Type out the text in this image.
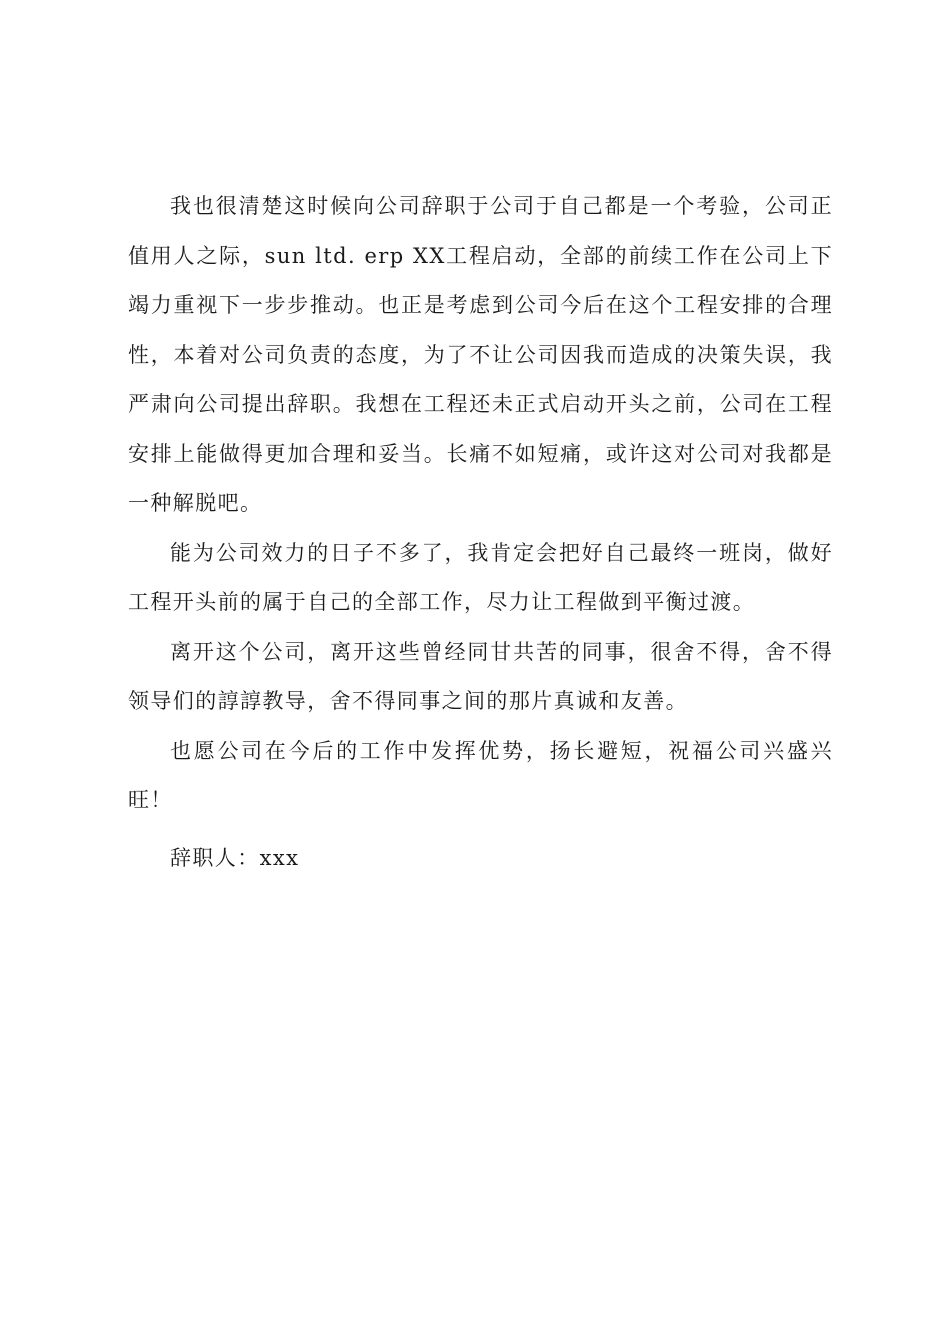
我也很清楚这时候向公司辞职于公司于自己都是一个考验，公司正值用人之际，sun ltd. erp XX工程启动，全部的前续工作在公司上下竭力重视下一步步推动。也正是考虑到公司今后在这个工程安排的合理性，本着对公司负责的态度，为了不让公司因我而造成的决策失误，我严肃向公司提出辞职。我想在工程还未正式启动开头之前，公司在工程安排上能做得更加合理和妥当。长痛不如短痛，或许这对公司对我都是一种解脱吧。

能为公司效力的日子不多了，我肯定会把好自己最终一班岗，做好工程开头前的属于自己的全部工作，尽力让工程做到平衡过渡。

离开这个公司，离开这些曾经同甘共苦的同事，很舍不得，舍不得领导们的諄諄教导，舍不得同事之间的那片真诚和友善。

也愿公司在今后的工作中发挥优势，扬长避短，祝福公司兴盛兴旺！

辞职人：xxx
